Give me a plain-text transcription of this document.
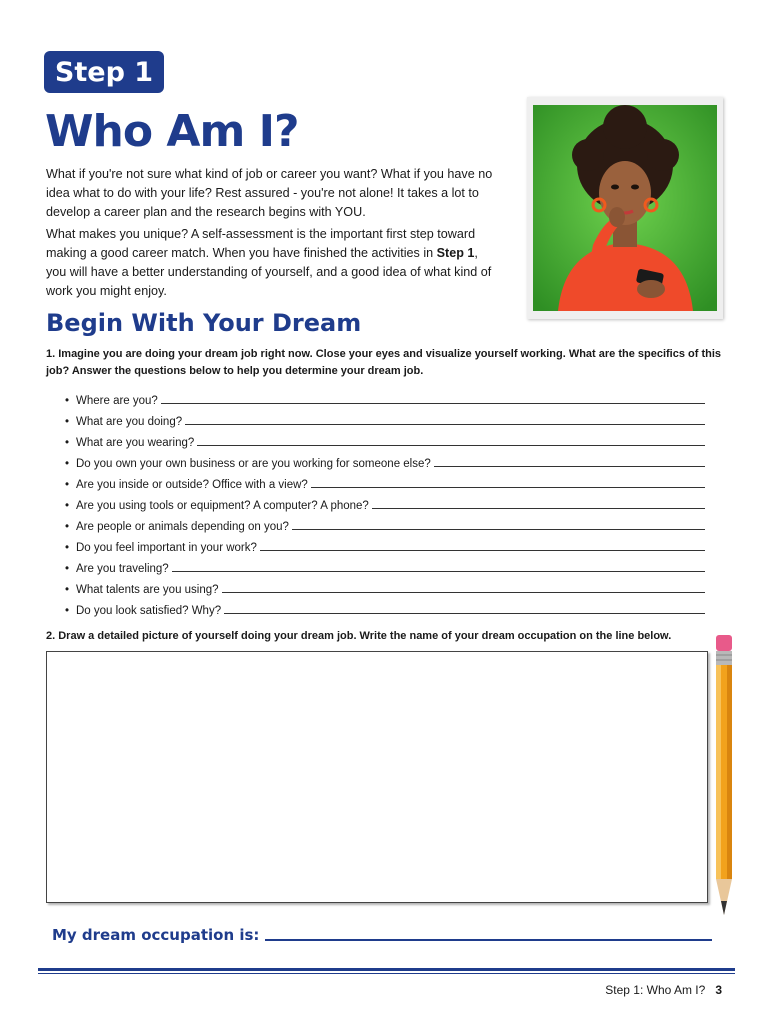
Step 1
Who Am I?

What if you're not sure what kind of job or career you want? What if you have no idea what to do with your life? Rest assured - you're not alone! It takes a lot to develop a career plan and the research begins with YOU.

What makes you unique? A self-assessment is the important first step toward making a good career match. When you have finished the activities in Step 1, you will have a better understanding of yourself, and a good idea of what kind of work you might enjoy.

Begin With Your Dream

1. Imagine you are doing your dream job right now. Close your eyes and visualize yourself working. What are the specifics of this job? Answer the questions below to help you determine your dream job.

• Where are you?
• What are you doing?
• What are you wearing?
• Do you own your own business or are you working for someone else?
• Are you inside or outside? Office with a view?
• Are you using tools or equipment? A computer? A phone?
• Are people or animals depending on you?
• Do you feel important in your work?
• Are you traveling?
• What talents are you using?
• Do you look satisfied? Why?

2. Draw a detailed picture of yourself doing your dream job. Write the name of your dream occupation on the line below.

My dream occupation is:
Step 1: Who Am I? 3
